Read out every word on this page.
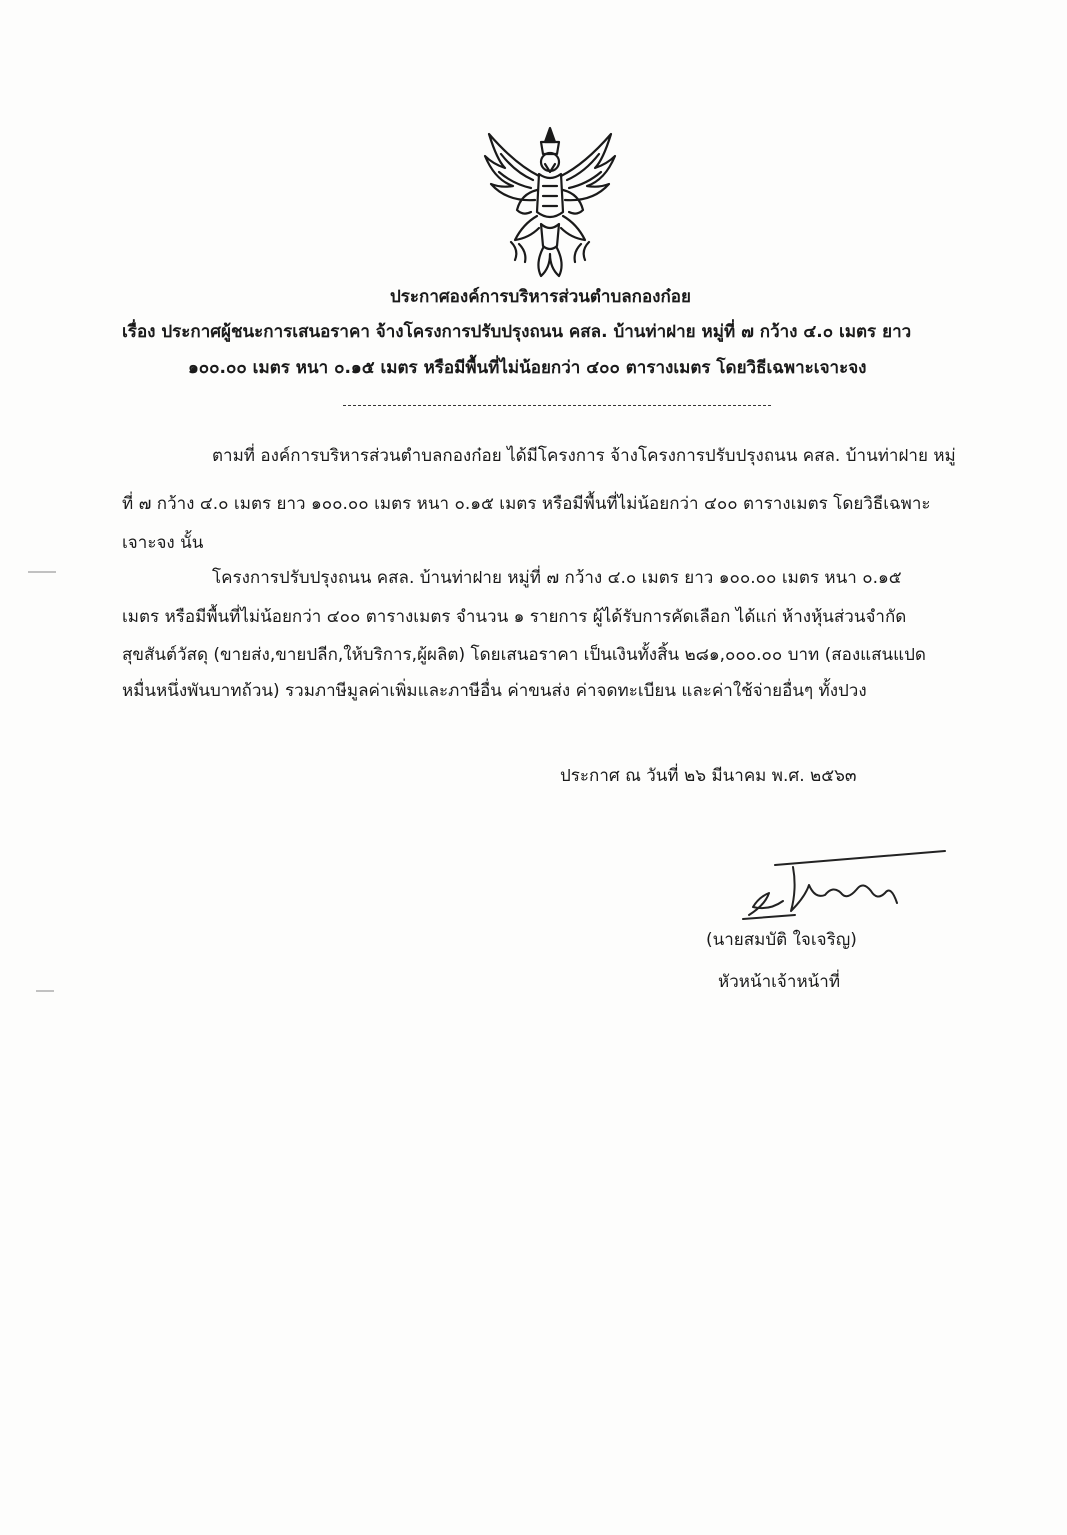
ประกาศองค์การบริหารส่วนตำบลกองก๋อย
เรื่อง ประกาศผู้ชนะการเสนอราคา จ้างโครงการปรับปรุงถนน คสล. บ้านท่าฝาย หมู่ที่ ๗ กว้าง ๔.๐ เมตร ยาว
๑๐๐.๐๐ เมตร หนา ๐.๑๕ เมตร หรือมีพื้นที่ไม่น้อยกว่า ๔๐๐ ตารางเมตร โดยวิธีเฉพาะเจาะจง
ตามที่ องค์การบริหารส่วนตำบลกองก๋อย ได้มีโครงการ จ้างโครงการปรับปรุงถนน คสล. บ้านท่าฝาย หมู่
ที่ ๗ กว้าง ๔.๐ เมตร ยาว ๑๐๐.๐๐ เมตร หนา ๐.๑๕ เมตร หรือมีพื้นที่ไม่น้อยกว่า ๔๐๐ ตารางเมตร โดยวิธีเฉพาะ
เจาะจง นั้น
โครงการปรับปรุงถนน คสล. บ้านท่าฝาย หมู่ที่ ๗ กว้าง ๔.๐ เมตร ยาว ๑๐๐.๐๐ เมตร หนา ๐.๑๕
เมตร หรือมีพื้นที่ไม่น้อยกว่า ๔๐๐ ตารางเมตร จำนวน ๑ รายการ ผู้ได้รับการคัดเลือก ได้แก่ ห้างหุ้นส่วนจำกัด
สุขสันต์วัสดุ (ขายส่ง,ขายปลีก,ให้บริการ,ผู้ผลิต) โดยเสนอราคา เป็นเงินทั้งสิ้น ๒๘๑,๐๐๐.๐๐ บาท (สองแสนแปด
หมื่นหนึ่งพันบาทถ้วน) รวมภาษีมูลค่าเพิ่มและภาษีอื่น ค่าขนส่ง ค่าจดทะเบียน และค่าใช้จ่ายอื่นๆ ทั้งปวง
ประกาศ ณ วันที่ ๒๖ มีนาคม พ.ศ. ๒๕๖๓
(นายสมบัติ ใจเจริญ)
หัวหน้าเจ้าหน้าที่
